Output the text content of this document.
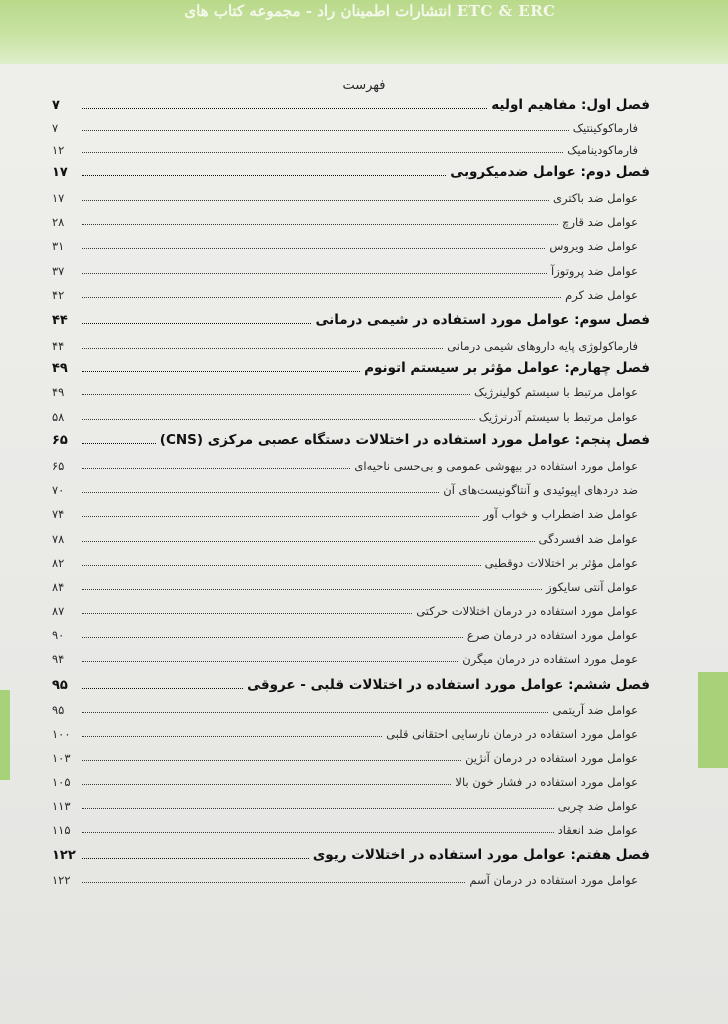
انتشارات اطمینان راد - مجموعه کتاب های ETC & ERC
فهرست
فصل اول: مفاهیم اولیه
۷
فارماکوکینتیک
۷
فارماکودینامیک
۱۲
فصل دوم: عوامل ضدمیکروبی
۱۷
عوامل ضد باکتری
۱۷
عوامل ضد قارچ
۲۸
عوامل ضد ویروس
۳۱
عوامل ضد پروتوزآ
۳۷
عوامل ضد کرم
۴۲
فصل سوم: عوامل مورد استفاده در شیمی درمانی
۴۴
فارماکولوژی پایه داروهای شیمی درمانی
۴۴
فصل چهارم: عوامل مؤثر بر سیستم اتونوم
۴۹
عوامل مرتبط با سیستم کولینرژیک
۴۹
عوامل مرتبط با سیستم آدرنرژیک
۵۸
فصل پنجم: عوامل مورد استفاده در اختلالات دستگاه عصبی مرکزی (CNS)
۶۵
عوامل مورد استفاده در بیهوشی عمومی و بی‌حسی ناحیه‌ای
۶۵
ضد دردهای اپیوئیدی و آنتاگونیست‌های آن
۷۰
عوامل ضد اضطراب و خواب آور
۷۴
عوامل ضد افسردگی
۷۸
عوامل مؤثر بر اختلالات دوقطبی
۸۲
عوامل آنتی سایکوز
۸۴
عوامل مورد استفاده در درمان اختلالات حرکتی
۸۷
عوامل مورد استفاده در درمان صرع
۹۰
عومل مورد استفاده در درمان میگرن
۹۴
فصل ششم: عوامل مورد استفاده در اختلالات قلبی - عروقی
۹۵
عوامل ضد آریتمی
۹۵
عوامل مورد استفاده در درمان نارسایی احتقانی قلبی
۱۰۰
عوامل مورد استفاده در درمان آنژین
۱۰۳
عوامل مورد استفاده در فشار خون بالا
۱۰۵
عوامل ضد چربی
۱۱۳
عوامل ضد انعقاد
۱۱۵
فصل هفتم: عوامل مورد استفاده در اختلالات ریوی
۱۲۲
عوامل مورد استفاده در درمان آسم
۱۲۲
